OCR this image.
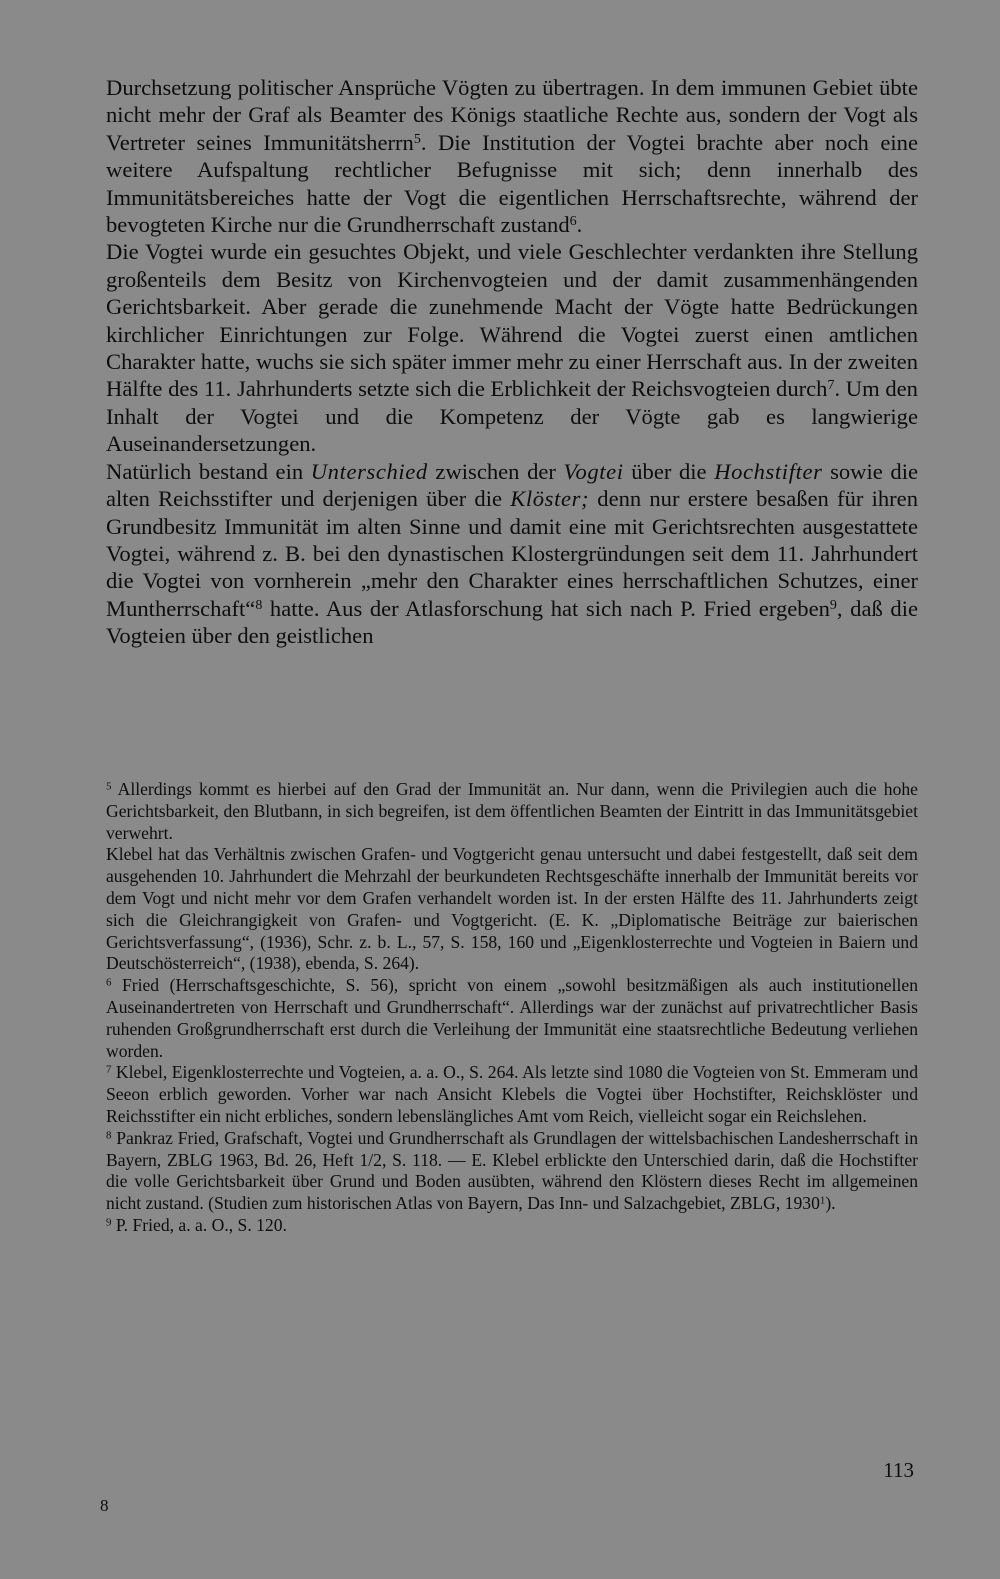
Durchsetzung politischer Ansprüche Vögten zu übertragen. In dem immunen Gebiet übte nicht mehr der Graf als Beamter des Königs staatliche Rechte aus, sondern der Vogt als Vertreter seines Immunitätsherrn$^5$. Die Institution der Vogtei brachte aber noch eine weitere Aufspaltung rechtlicher Befugnisse mit sich; denn innerhalb des Immunitätsbereiches hatte der Vogt die eigentlichen Herrschaftsrechte, während der bevogteten Kirche nur die Grundherrschaft zustand$^6$.

Die Vogtei wurde ein gesuchtes Objekt, und viele Geschlechter verdankten ihre Stellung großenteils dem Besitz von Kirchenvogteien und der damit zusammenhängenden Gerichtsbarkeit. Aber gerade die zunehmende Macht der Vögte hatte Bedrückungen kirchlicher Einrichtungen zur Folge. Während die Vogtei zuerst einen amtlichen Charakter hatte, wuchs sie sich später immer mehr zu einer Herrschaft aus. In der zweiten Hälfte des 11. Jahrhunderts setzte sich die Erblichkeit der Reichsvogteien durch$^7$. Um den Inhalt der Vogtei und die Kompetenz der Vögte gab es langwierige Auseinandersetzungen.

Natürlich bestand ein Unterschied zwischen der Vogtei über die Hochstifter sowie die alten Reichsstifter und derjenigen über die Klöster; denn nur erstere besaßen für ihren Grundbesitz Immunität im alten Sinne und damit eine mit Gerichtsrechten ausgestattete Vogtei, während z. B. bei den dynastischen Klostergründungen seit dem 11. Jahrhundert die Vogtei von vornherein „mehr den Charakter eines herrschaftlichen Schutzes, einer Muntherrschaft“$^8$ hatte. Aus der Atlasforschung hat sich nach P. Fried ergeben$^9$, daß die Vogteien über den geistlichen

$^5$ Allerdings kommt es hierbei auf den Grad der Immunität an. Nur dann, wenn die Privilegien auch die hohe Gerichtsbarkeit, den Blutbann, in sich begreifen, ist dem öffentlichen Beamten der Eintritt in das Immunitätsgebiet verwehrt.

Klebel hat das Verhältnis zwischen Grafen- und Vogtgericht genau untersucht und dabei festgestellt, daß seit dem ausgehenden 10. Jahrhundert die Mehrzahl der beurkundeten Rechtsgeschäfte innerhalb der Immunität bereits vor dem Vogt und nicht mehr vor dem Grafen verhandelt worden ist. In der ersten Hälfte des 11. Jahrhunderts zeigt sich die Gleichrangigkeit von Grafen- und Vogtgericht. (E. K. „Diplomatische Beiträge zur baierischen Gerichtsverfassung“, (1936), Schr. z. b. L., 57, S. 158, 160 und „Eigenklosterrechte und Vogteien in Baiern und Deutschösterreich“, (1938), ebenda, S. 264).

$^6$ Fried (Herrschaftsgeschichte, S. 56), spricht von einem „sowohl besitzmäßigen als auch institutionellen Auseinandertreten von Herrschaft und Grundherrschaft“. Allerdings war der zunächst auf privatrechtlicher Basis ruhenden Großgrundherrschaft erst durch die Verleihung der Immunität eine staatsrechtliche Bedeutung verliehen worden.

$^7$ Klebel, Eigenklosterrechte und Vogteien, a. a. O., S. 264. Als letzte sind 1080 die Vogteien von St. Emmeram und Seeon erblich geworden. Vorher war nach Ansicht Klebels die Vogtei über Hochstifter, Reichsklöster und Reichsstifter ein nicht erbliches, sondern lebenslängliches Amt vom Reich, vielleicht sogar ein Reichslehen.

$^8$ Pankraz Fried, Grafschaft, Vogtei und Grundherrschaft als Grundlagen der wittelsbachischen Landesherrschaft in Bayern, ZBLG 1963, Bd. 26, Heft 1/2, S. 118. — E. Klebel erblickte den Unterschied darin, daß die Hochstifter die volle Gerichtsbarkeit über Grund und Boden ausübten, während den Klöstern dieses Recht im allgemeinen nicht zustand. (Studien zum historischen Atlas von Bayern, Das Inn- und Salzachgebiet, ZBLG, 1930$^1$).

$^9$ P. Fried, a. a. O., S. 120.

113
8
